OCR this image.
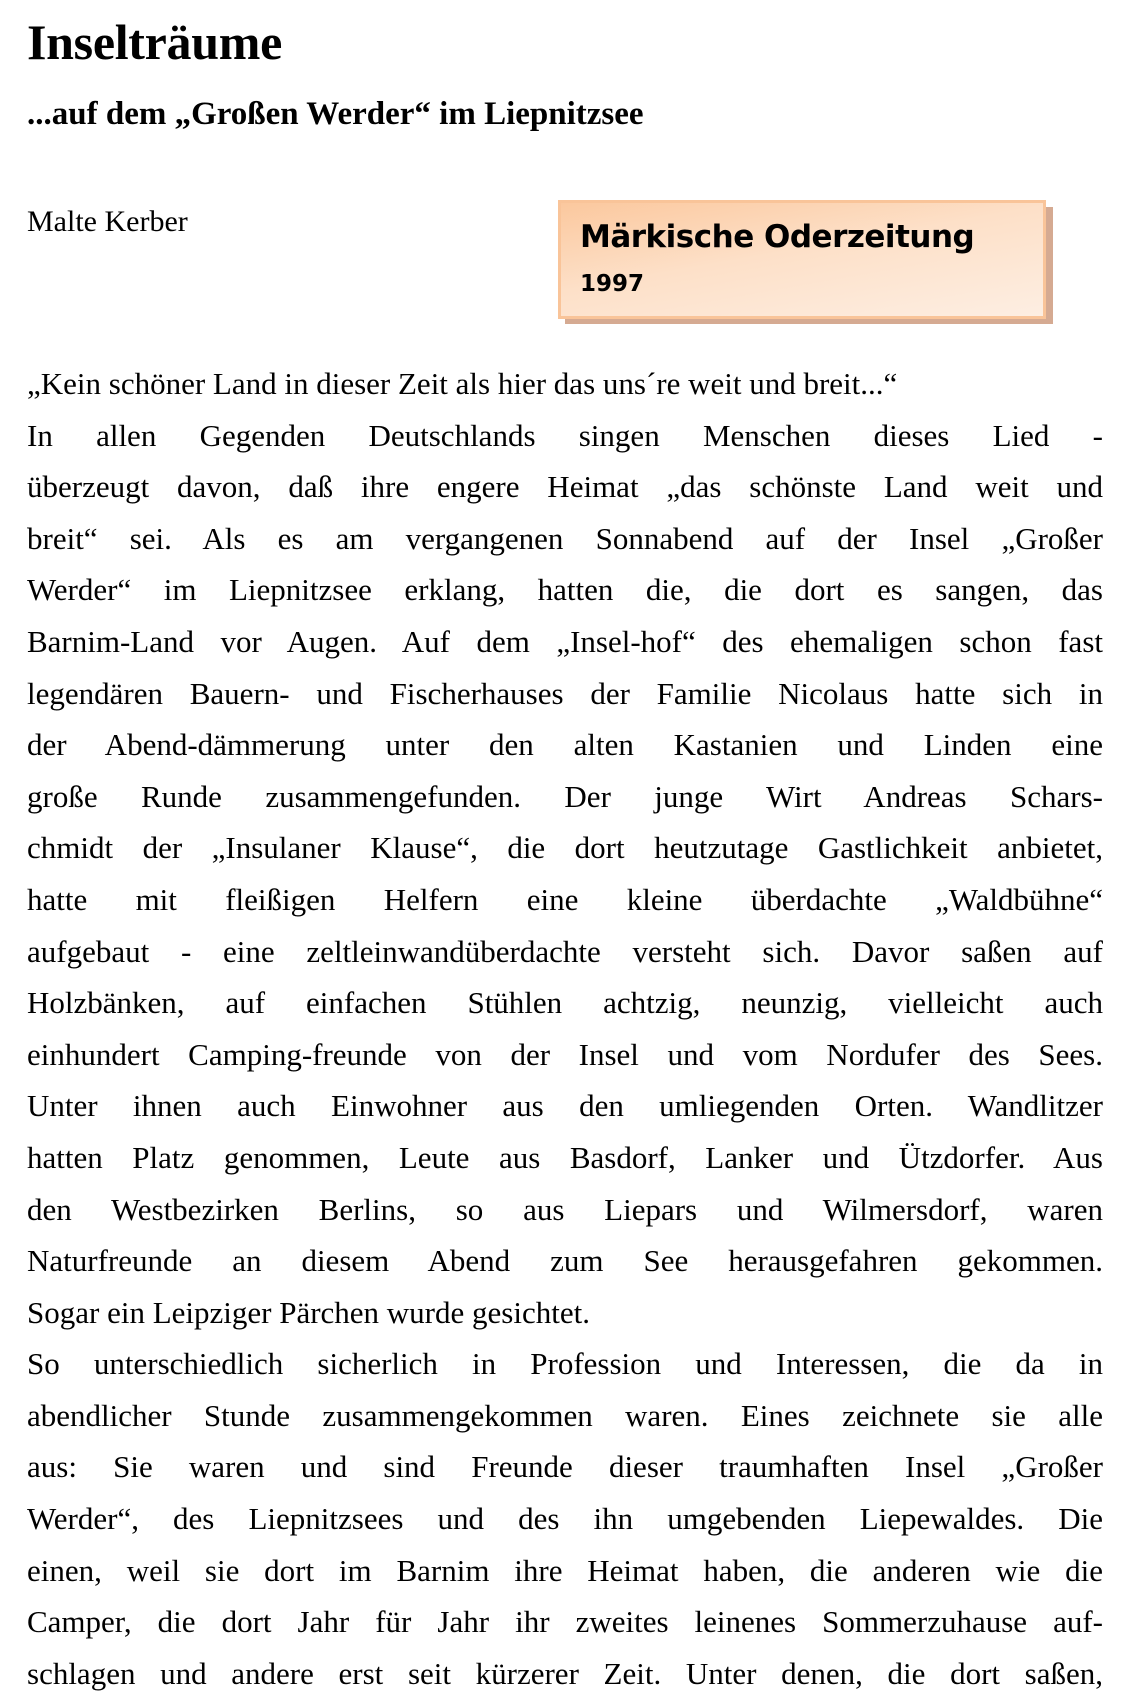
Inselträume
...auf dem „Großen Werder“ im Liepnitzsee
Malte Kerber	Märkische Oderzeitung
1997
„Kein schöner Land in dieser Zeit als hier das uns´re weit und breit...“
In allen Gegenden Deutschlands singen Menschen dieses Lied -
überzeugt davon, daß ihre engere Heimat „das schönste Land weit und
breit“ sei. Als es am vergangenen Sonnabend auf der Insel „Großer
Werder“ im Liepnitzsee erklang, hatten die, die dort es sangen, das
Barnim-Land vor Augen. Auf dem „Insel-hof“ des ehemaligen schon fast
legendären Bauern- und Fischerhauses der Familie Nicolaus hatte sich in
der Abend-dämmerung unter den alten Kastanien und Linden eine
große Runde zusammengefunden. Der junge Wirt Andreas Schars-
chmidt der „Insulaner Klause“, die dort heutzutage Gastlichkeit anbietet,
hatte mit fleißigen Helfern eine kleine überdachte „Waldbühne“
aufgebaut - eine zeltleinwandüberdachte versteht sich. Davor saßen auf
Holzbänken, auf einfachen Stühlen achtzig, neunzig, vielleicht auch
einhundert Camping-freunde von der Insel und vom Nordufer des Sees.
Unter ihnen auch Einwohner aus den umliegenden Orten. Wandlitzer
hatten Platz genommen, Leute aus Basdorf, Lanker und Ützdorfer. Aus
den Westbezirken Berlins, so aus Liepars und Wilmersdorf, waren
Naturfreunde an diesem Abend zum See herausgefahren gekommen.
Sogar ein Leipziger Pärchen wurde gesichtet.
So unterschiedlich sicherlich in Profession und Interessen, die da in
abendlicher Stunde zusammengekommen waren. Eines zeichnete sie alle
aus: Sie waren und sind Freunde dieser traumhaften Insel „Großer
Werder“, des Liepnitzsees und des ihn umgebenden Liepewaldes. Die
einen, weil sie dort im Barnim ihre Heimat haben, die anderen wie die
Camper, die dort Jahr für Jahr ihr zweites leinenes Sommerzuhause auf-
schlagen und andere erst seit kürzerer Zeit. Unter denen, die dort saßen,
